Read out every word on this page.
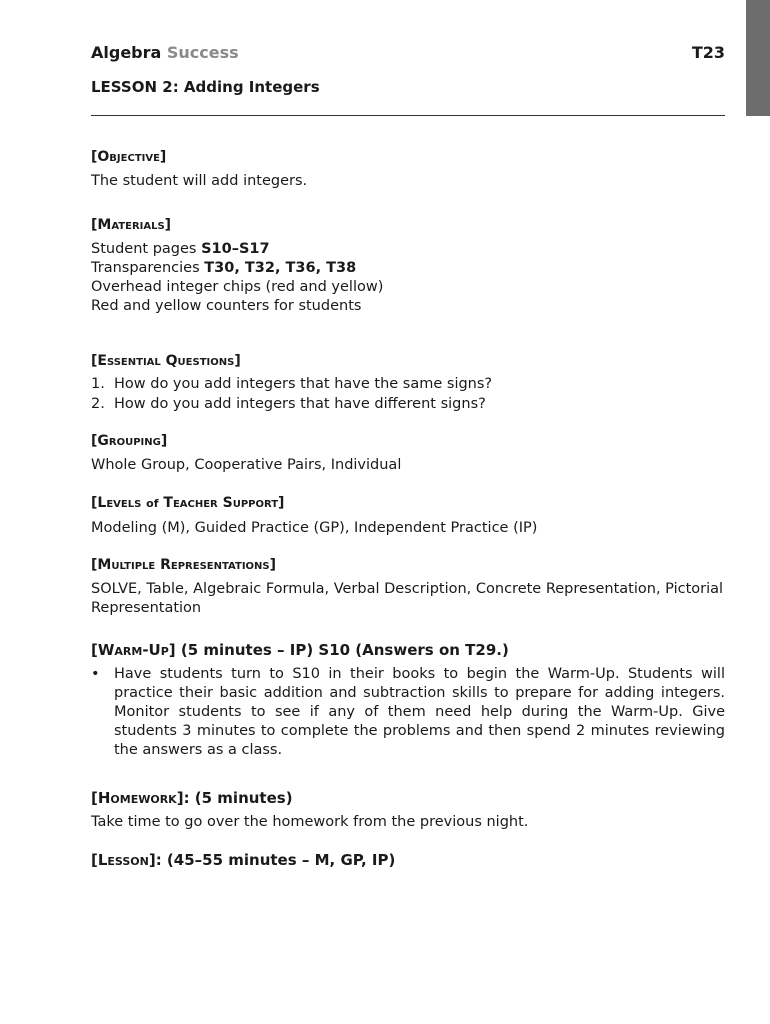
Algebra Success	T23
LESSON 2: Adding Integers

[Objective]

The student will add integers.

[Materials]

Student pages S10–S17
Transparencies T30, T32, T36, T38
Overhead integer chips (red and yellow)
Red and yellow counters for students

[Essential Questions]

1. How do you add integers that have the same signs?
2. How do you add integers that have different signs?

[Grouping]

Whole Group, Cooperative Pairs, Individual

[Levels of Teacher Support]

Modeling (M), Guided Practice (GP), Independent Practice (IP)

[Multiple Representations]

SOLVE, Table, Algebraic Formula, Verbal Description, Concrete Representation, Pictorial Representation

[Warm-Up] (5 minutes – IP) S10 (Answers on T29.)

• Have students turn to S10 in their books to begin the Warm-Up. Students will practice their basic addition and subtraction skills to prepare for adding integers. Monitor students to see if any of them need help during the Warm-Up. Give students 3 minutes to complete the problems and then spend 2 minutes reviewing the answers as a class.

[Homework]: (5 minutes)

Take time to go over the homework from the previous night.

[Lesson]: (45–55 minutes – M, GP, IP)
